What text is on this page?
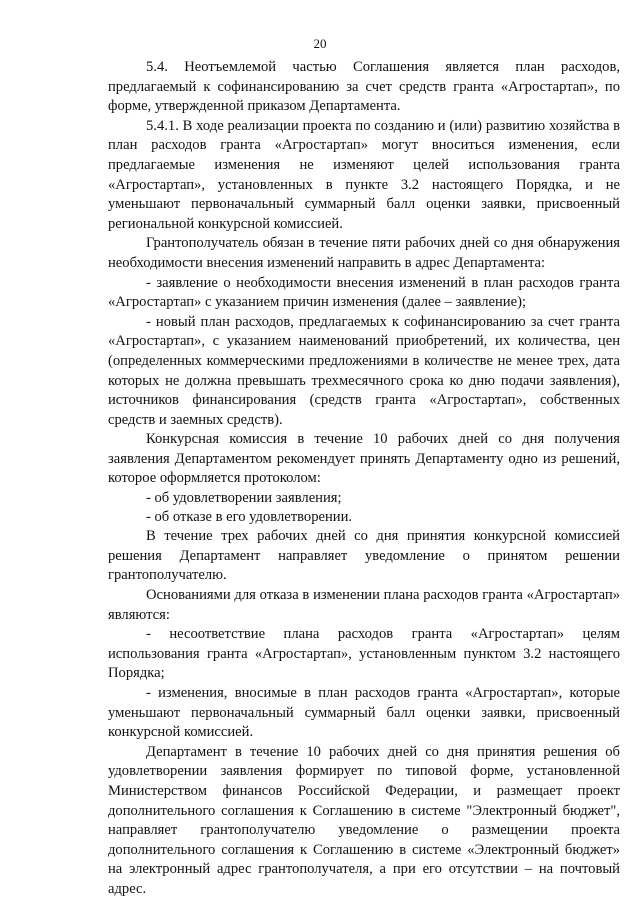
20

5.4. Неотъемлемой частью Соглашения является план расходов, предлагаемый к софинансированию за счет средств гранта «Агростартап», по форме, утвержденной приказом Департамента.

5.4.1. В ходе реализации проекта по созданию и (или) развитию хозяйства в план расходов гранта «Агростартап» могут вноситься изменения, если предлагаемые изменения не изменяют целей использования гранта «Агростартап», установленных в пункте 3.2 настоящего Порядка, и не уменьшают первоначальный суммарный балл оценки заявки, присвоенный региональной конкурсной комиссией.

Грантополучатель обязан в течение пяти рабочих дней со дня обнаружения необходимости внесения изменений направить в адрес Департамента:

- заявление о необходимости внесения изменений в план расходов гранта «Агростартап» с указанием причин изменения (далее – заявление);

- новый план расходов, предлагаемых к софинансированию за счет гранта «Агростартап», с указанием наименований приобретений, их количества, цен (определенных коммерческими предложениями в количестве не менее трех, дата которых не должна превышать трехмесячного срока ко дню подачи заявления), источников финансирования (средств гранта «Агростартап», собственных средств и заемных средств).

Конкурсная комиссия в течение 10 рабочих дней со дня получения заявления Департаментом рекомендует принять Департаменту одно из решений, которое оформляется протоколом:

- об удовлетворении заявления;

- об отказе в его удовлетворении.

В течение трех рабочих дней со дня принятия конкурсной комиссией решения Департамент направляет уведомление о принятом решении грантополучателю.

Основаниями для отказа в изменении плана расходов гранта «Агростартап» являются:

- несоответствие плана расходов гранта «Агростартап» целям использования гранта «Агростартап», установленным пунктом 3.2 настоящего Порядка;

- изменения, вносимые в план расходов гранта «Агростартап», которые уменьшают первоначальный суммарный балл оценки заявки, присвоенный конкурсной комиссией.

Департамент в течение 10 рабочих дней со дня принятия решения об удовлетворении заявления формирует по типовой форме, установленной Министерством финансов Российской Федерации, и размещает проект дополнительного соглашения к Соглашению в системе "Электронный бюджет", направляет грантополучателю уведомление о размещении проекта дополнительного соглашения к Соглашению в системе «Электронный бюджет» на электронный адрес грантополучателя, а при его отсутствии – на почтовый адрес.
